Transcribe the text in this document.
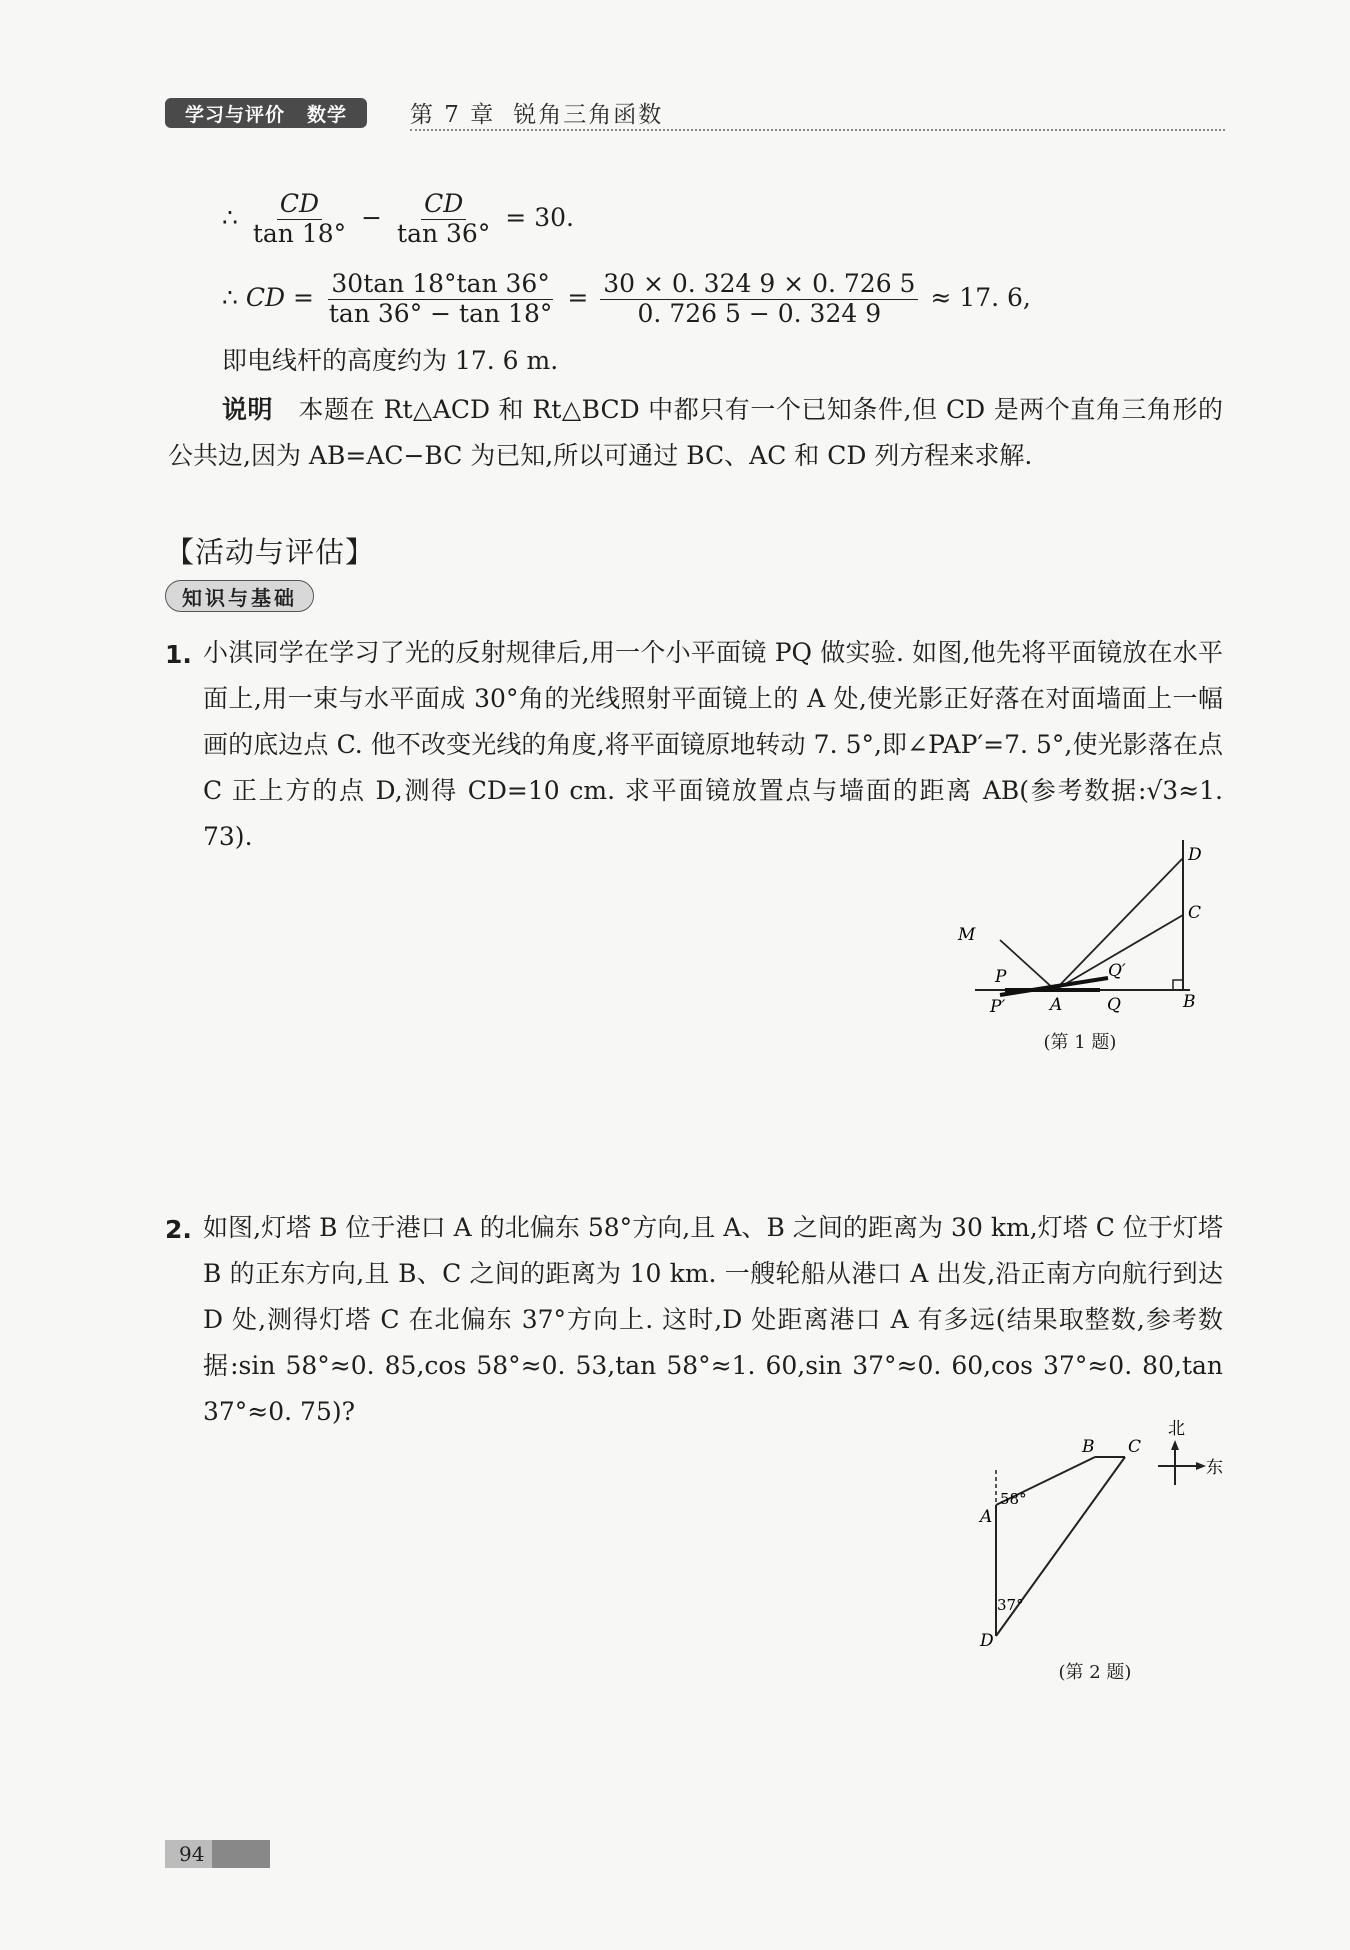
学习与评价 数学	第 7 章 锐角三角函数
∴ $\frac{CD}{\tan 18^\circ} - \frac{CD}{\tan 36^\circ} = 30$.
∴ CD = $\frac{30\tan 18^\circ\tan 36^\circ}{\tan 36^\circ - \tan 18^\circ} = \frac{30 \times 0. 324 9 \times 0. 726 5}{0. 726 5 - 0. 324 9} \approx 17$. 6,
即电线杆的高度约为 17. 6 m.
说明 本题在 Rt△ACD 和 Rt△BCD 中都只有一个已知条件,但 CD 是两个直角三角形的公共边,因为 AB=AC−BC 为已知,所以可通过 BC、AC 和 CD 列方程来求解.
【活动与评估】
知识与基础
1. 小淇同学在学习了光的反射规律后,用一个小平面镜 PQ 做实验. 如图,他先将平面镜放在水平面上,用一束与水平面成 30°角的光线照射平面镜上的 A 处,使光影正好落在对面墙面上一幅画的底边点 C. 他不改变光线的角度,将平面镜原地转动 7. 5°,即∠PAP′=7. 5°,使光影落在点 C 正上方的点 D,测得 CD=10 cm. 求平面镜放置点与墙面的距离 AB(参考数据:√3≈1. 73).
D
C
M
P	Q′
P′	A	Q	B
(第 1 题)
2. 如图,灯塔 B 位于港口 A 的北偏东 58°方向,且 A、B 之间的距离为 30 km,灯塔 C 位于灯塔 B 的正东方向,且 B、C 之间的距离为 10 km. 一艘轮船从港口 A 出发,沿正南方向航行到达 D 处,测得灯塔 C 在北偏东 37°方向上. 这时,D 处距离港口 A 有多远(结果取整数,参考数据:sin 58°≈0. 85,cos 58°≈0. 53,tan 58°≈1. 60,sin 37°≈0. 60,cos 37°≈0. 80,tan 37°≈0. 75)?
北
东
58°
37°
B C
A
D
(第 2 题)
94
